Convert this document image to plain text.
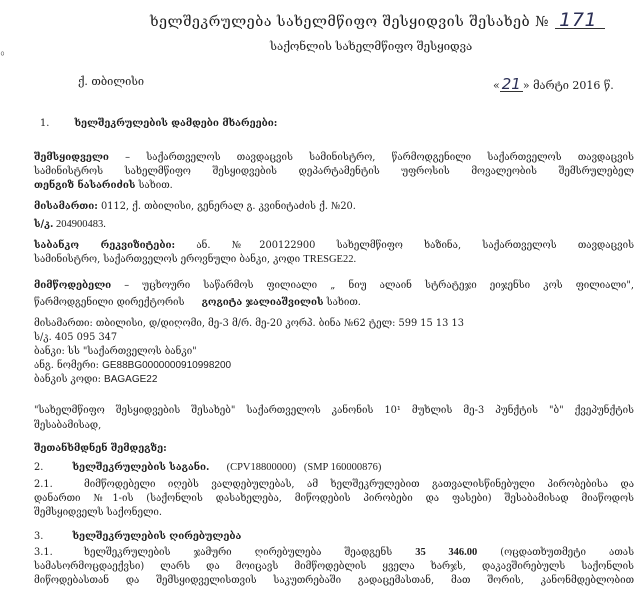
ხელშეკრულება სახელმწიფო შესყიდვის შესახებ № 171
საქონლის სახელმწიფო შესყიდვა
ﾟ
ქ. თბილისი	« 21 » მარტი 2016 წ.
1.	ხელშეკრულების დამდები მხარეები:
შემსყიდველი – საქართველოს თავდაცვის სამინისტრო, წარმოდგენილი საქართველოს თავდაცვის
სამინისტროს სახელმწიფო შესყიდვების დეპარტამენტის უფროსის მოვალეობის შემსრულებელ
თენგიზ ნასარიძის სახით.
მისამართი: 0112, ქ. თბილისი, გენერალ გ. კვინიტაძის ქ. №20.
ს/კ. 204900483.
საბანკო რეკვიზიტები: ან. №200122900 სახელმწიფო ხაზინა, საქართველოს თავდაცვის
სამინისტრო, საქართველოს ეროვნული ბანკი, კოდი TRESGE22.
მიმწოდებელი – უცხოური საწარმოს ფილიალი „ ნიუ ალაინ სტრატეჯი ეიჯენსი კოს ფილიალი",
წარმოდგენილი დირექტორის გოგიტა ჯალიაშვილის სახით.
მისამართი: თბილისი, დ/დიღომი, მე-3 მ/რ. მე-20 კორპ. ბინა №62 ტელ: 599 15 13 13
ს/კ. 405 095 347
ბანკი: სს "საქართველოს ბანკი"
ანგ. ნომერი: GE88BG0000000910998200
ბანკის კოდი: BAGAGE22
"სახელმწიფო შესყიდვების შესახებ" საქართველოს კანონის 10¹ მუხლის მე-3 პუნქტის "ბ" ქვეპუნქტის
შესაბამისად,
შეთანხმდნენ შემდეგზე:
2.	ხელშეკრულების საგანი. (CPV18800000)   (SMP 160000876)
2.1.	მიმწოდებელი იღებს ვალდებულებას, ამ ხელშეკრულებით გათვალისწინებული პირობებისა და
დანართი №1-ის (საქონლის დასახელება, მიწოდების პირობები და ფასები) შესაბამისად მიაწოდოს
შემსყიდველს საქონელი.
3.	ხელშეკრულების ღირებულება
3.1.	ხელშეკრულების ჯამური ღირებულება შეადგენს 35 346.00 (ოცდათხუთმეტი ათას
სამასორმოცდაექვსი) ლარს და მოიცავს მიმწოდებლის ყველა ხარჯს, დაკავშირებულს საქონლის
მიწოდებასთან და შემსყიდველისთვის საკუთრებაში გადაცემასთან, მათ შორის, კანონმდებლობით
